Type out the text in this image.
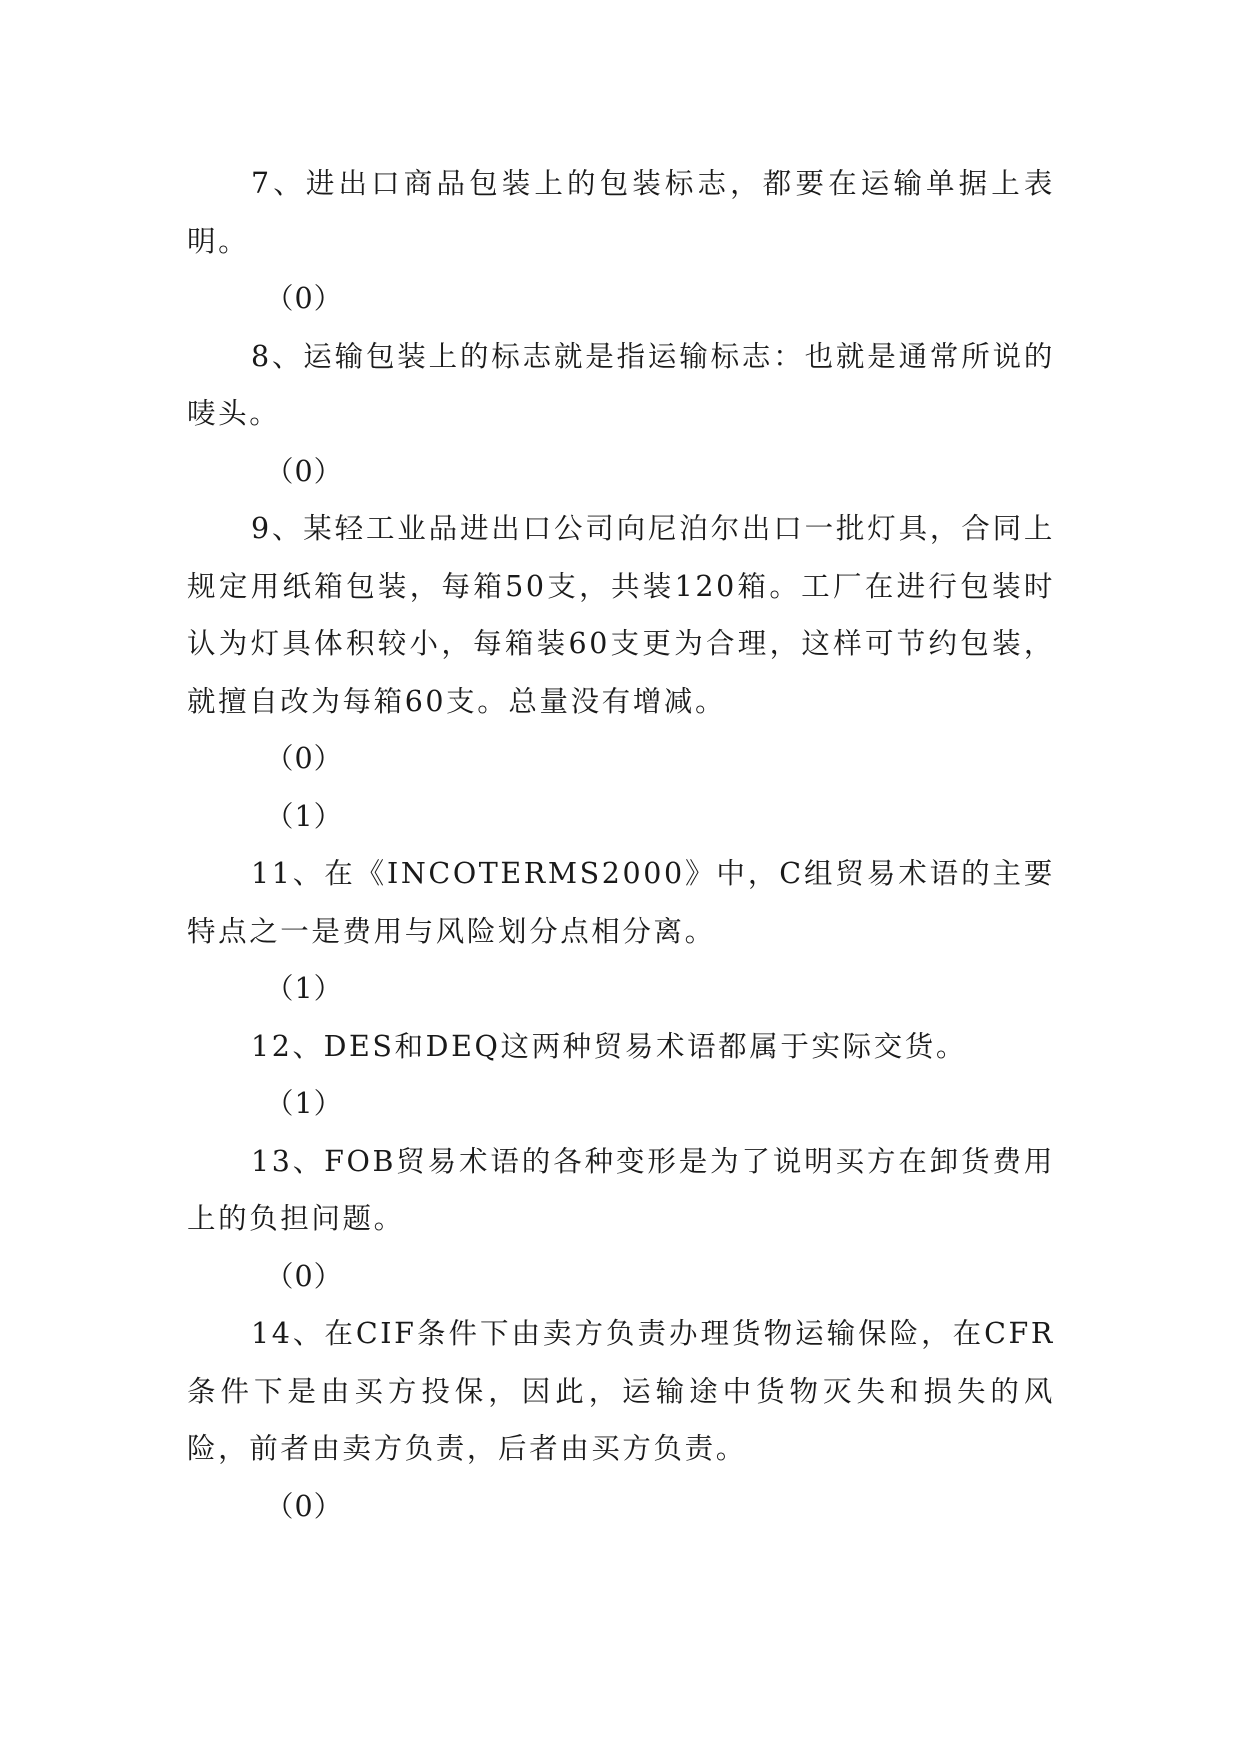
7、进出口商品包装上的包装标志，都要在运输单据上表明。

（0）

8、运输包装上的标志就是指运输标志：也就是通常所说的唛头。

（0）

9、某轻工业品进出口公司向尼泊尔出口一批灯具，合同上规定用纸箱包装，每箱50支，共装120箱。工厂在进行包装时认为灯具体积较小，每箱装60支更为合理，这样可节约包装，就擅自改为每箱60支。总量没有增减。

（0）

（1）

11、在《INCOTERMS2000》中，C组贸易术语的主要特点之一是费用与风险划分点相分离。

（1）

12、DES和DEQ这两种贸易术语都属于实际交货。

（1）

13、FOB贸易术语的各种变形是为了说明买方在卸货费用上的负担问题。

（0）

14、在CIF条件下由卖方负责办理货物运输保险，在CFR条件下是由买方投保，因此，运输途中货物灭失和损失的风险，前者由卖方负责，后者由买方负责。

（0）
